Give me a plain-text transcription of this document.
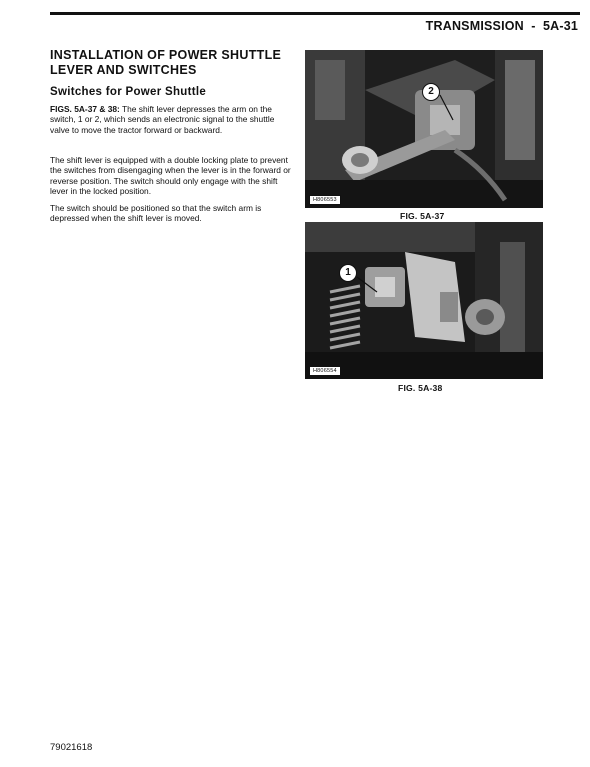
TRANSMISSION  -  5A-31
INSTALLATION OF POWER SHUTTLE LEVER AND SWITCHES
Switches for Power Shuttle
FIGS. 5A-37 & 38: The shift lever depresses the arm on the switch, 1 or 2, which sends an electronic signal to the shuttle valve to move the tractor forward or backward.
The shift lever is equipped with a double locking plate to prevent the switches from disengaging when the lever is in the forward or reverse position. The switch should only engage with the shift lever in the locked position.
The switch should be positioned so that the switch arm is depressed when the shift lever is moved.
2
H806553
FIG. 5A-37
1
H806554
FIG. 5A-38
79021618
